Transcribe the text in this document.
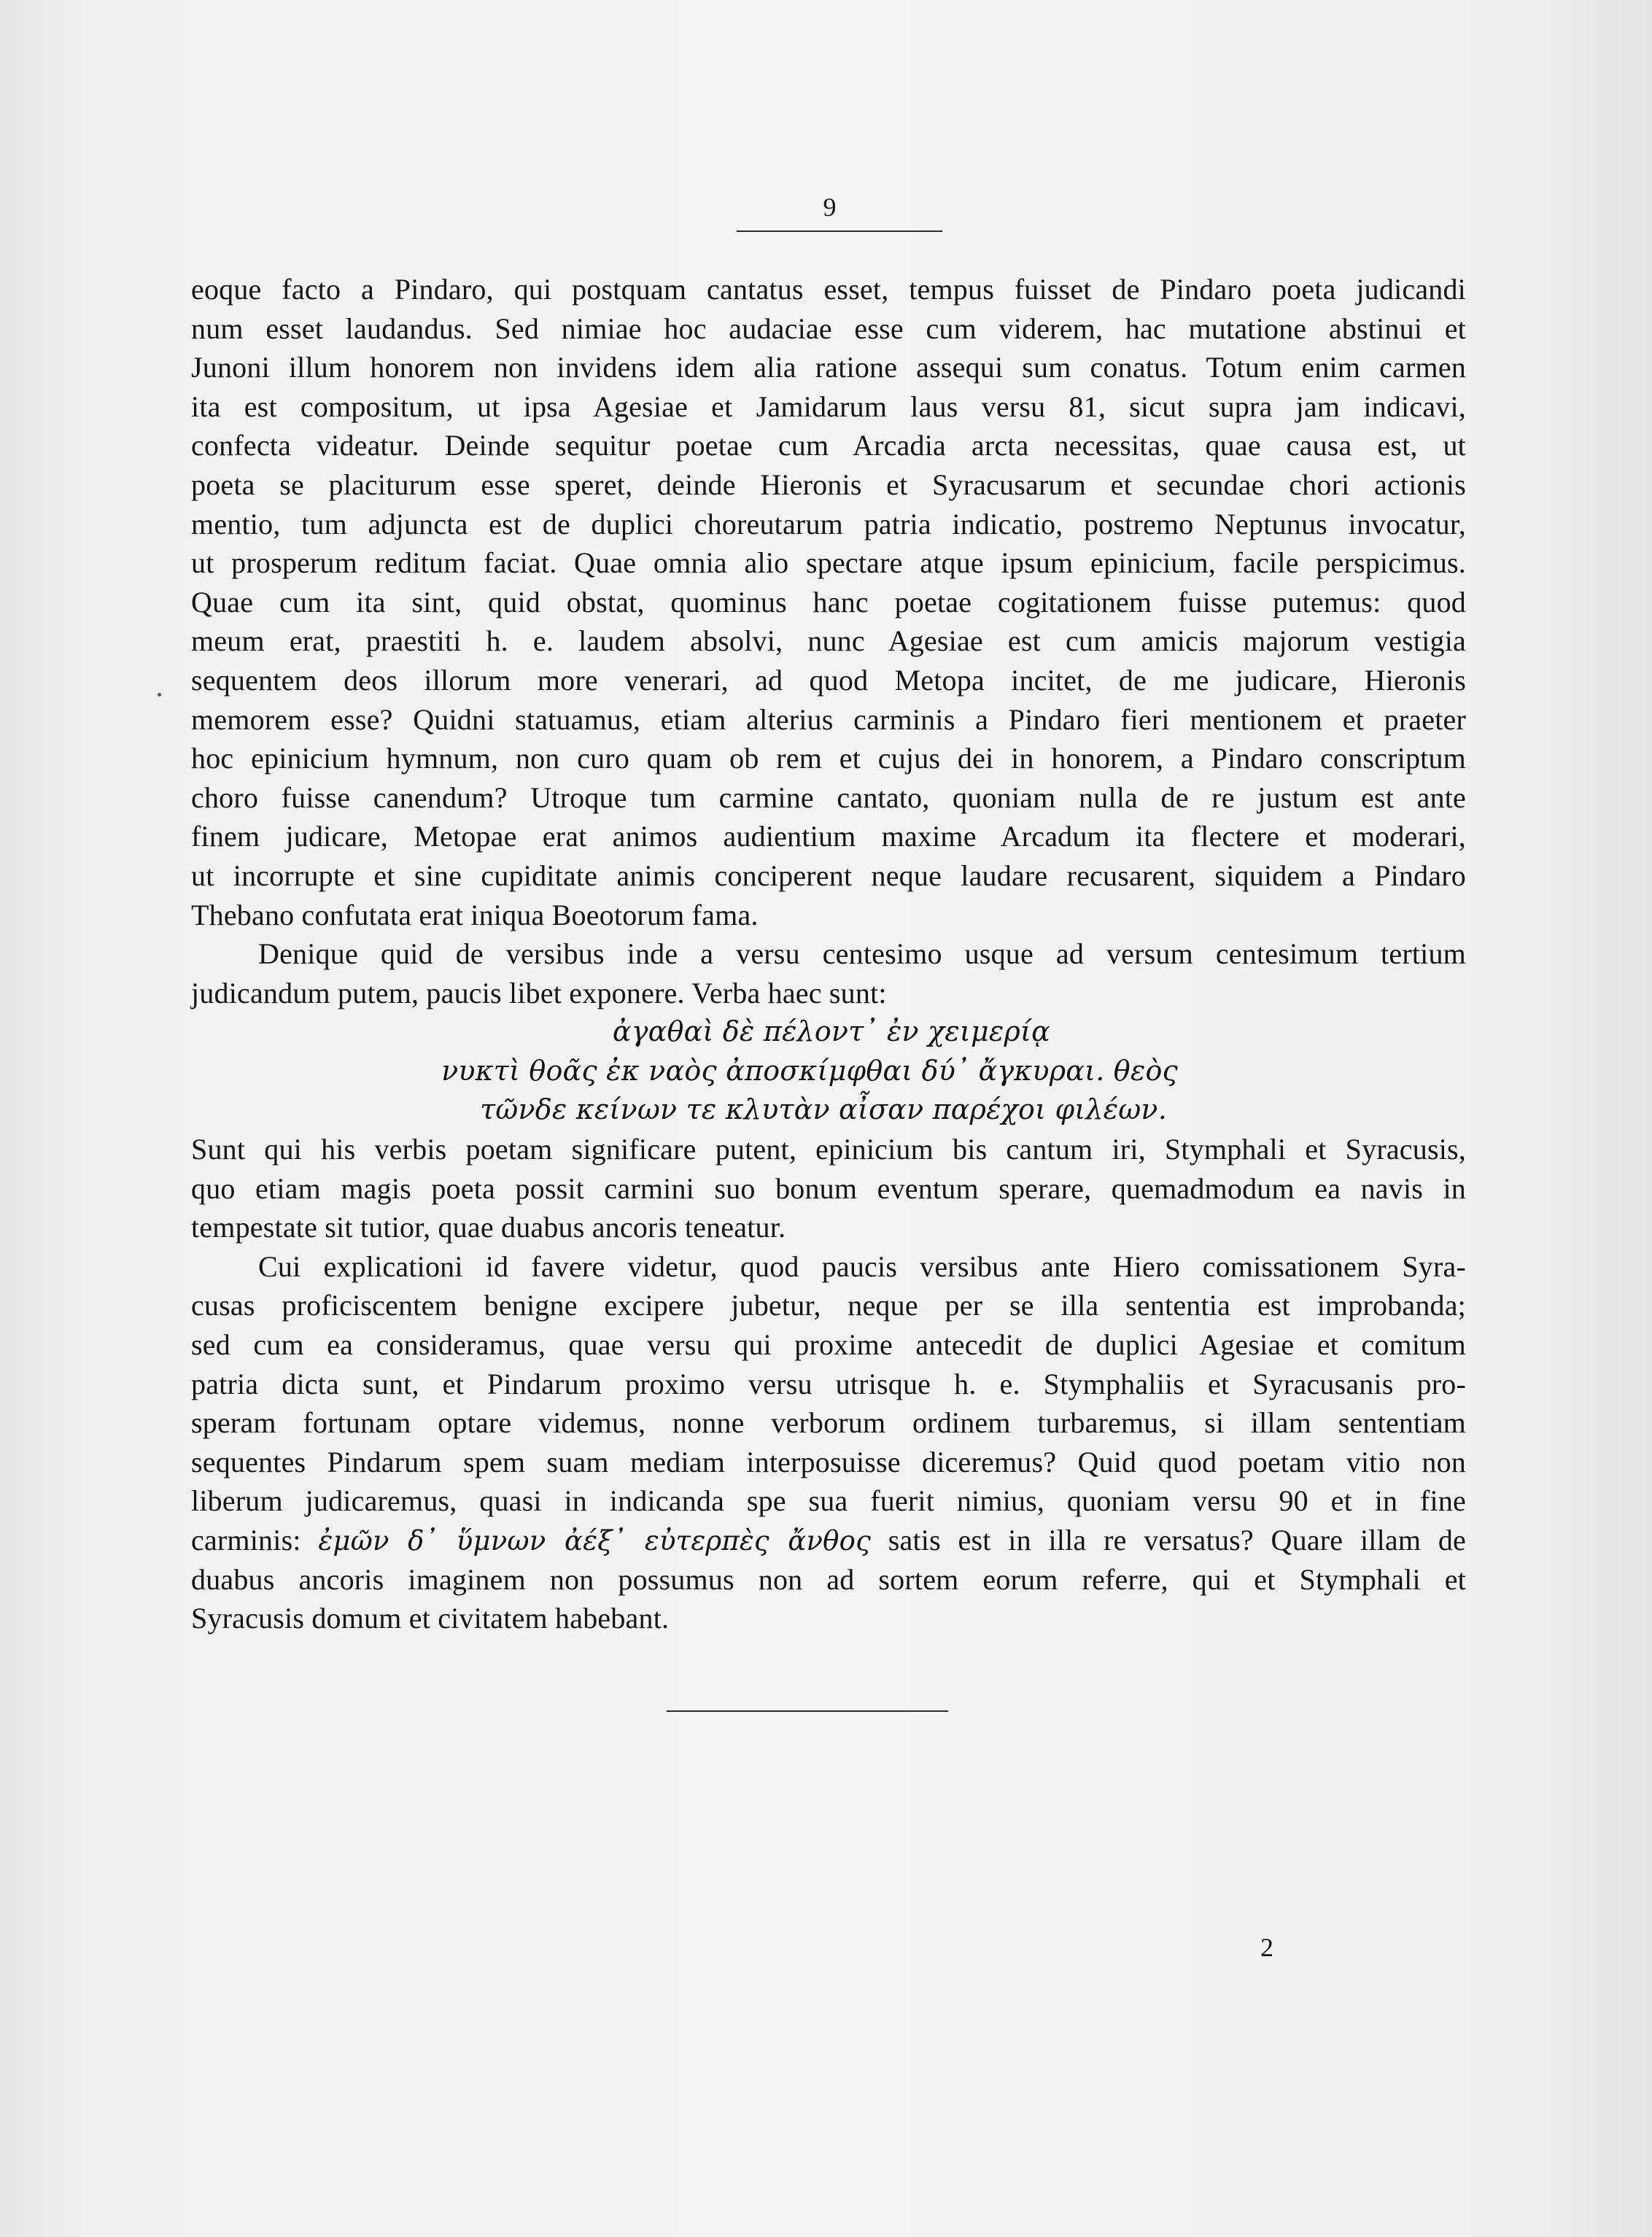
9
eoque facto a Pindaro, qui postquam cantatus esset, tempus fuisset de Pindaro poeta judicandi
num esset laudandus. Sed nimiae hoc audaciae esse cum viderem, hac mutatione abstinui et
Junoni illum honorem non invidens idem alia ratione assequi sum conatus. Totum enim carmen
ita est compositum, ut ipsa Agesiae et Jamidarum laus versu 81, sicut supra jam indicavi,
confecta videatur. Deinde sequitur poetae cum Arcadia arcta necessitas, quae causa est, ut
poeta se placiturum esse speret, deinde Hieronis et Syracusarum et secundae chori actionis
mentio, tum adjuncta est de duplici choreutarum patria indicatio, postremo Neptunus invocatur,
ut prosperum reditum faciat. Quae omnia alio spectare atque ipsum epinicium, facile perspicimus.
Quae cum ita sint, quid obstat, quominus hanc poetae cogitationem fuisse putemus: quod
meum erat, praestiti h. e. laudem absolvi, nunc Agesiae est cum amicis majorum vestigia
sequentem deos illorum more venerari, ad quod Metopa incitet, de me judicare, Hieronis
memorem esse? Quidni statuamus, etiam alterius carminis a Pindaro fieri mentionem et praeter
hoc epinicium hymnum, non curo quam ob rem et cujus dei in honorem, a Pindaro conscriptum
choro fuisse canendum? Utroque tum carmine cantato, quoniam nulla de re justum est ante
finem judicare, Metopae erat animos audientium maxime Arcadum ita flectere et moderari,
ut incorrupte et sine cupiditate animis conciperent neque laudare recusarent, siquidem a Pindaro
Thebano confutata erat iniqua Boeotorum fama.
Denique quid de versibus inde a versu centesimo usque ad versum centesimum tertium
judicandum putem, paucis libet exponere. Verba haec sunt:
ἀγαθαὶ δὲ πέλοντ᾽ ἐν χειμερίᾳ
νυκτὶ θοᾶς ἐκ ναὸς ἀποσκίμφθαι δύ᾽ ἄγκυραι. θεὸς
τῶνδε κείνων τε κλυτὰν αἶσαν παρέχοι φιλέων.
Sunt qui his verbis poetam significare putent, epinicium bis cantum iri, Stymphali et Syracusis,
quo etiam magis poeta possit carmini suo bonum eventum sperare, quemadmodum ea navis in
tempestate sit tutior, quae duabus ancoris teneatur.
Cui explicationi id favere videtur, quod paucis versibus ante Hiero comissationem Syra-
cusas proficiscentem benigne excipere jubetur, neque per se illa sententia est improbanda;
sed cum ea consideramus, quae versu qui proxime antecedit de duplici Agesiae et comitum
patria dicta sunt, et Pindarum proximo versu utrisque h. e. Stymphaliis et Syracusanis pro-
speram fortunam optare videmus, nonne verborum ordinem turbaremus, si illam sententiam
sequentes Pindarum spem suam mediam interposuisse diceremus? Quid quod poetam vitio non
liberum judicaremus, quasi in indicanda spe sua fuerit nimius, quoniam versu 90 et in fine
carminis: ἐμῶν δ᾽ ὕμνων ἀέξ᾽ εὐτερπὲς ἄνθος satis est in illa re versatus? Quare illam de
duabus ancoris imaginem non possumus non ad sortem eorum referre, qui et Stymphali et
Syracusis domum et civitatem habebant.
2
